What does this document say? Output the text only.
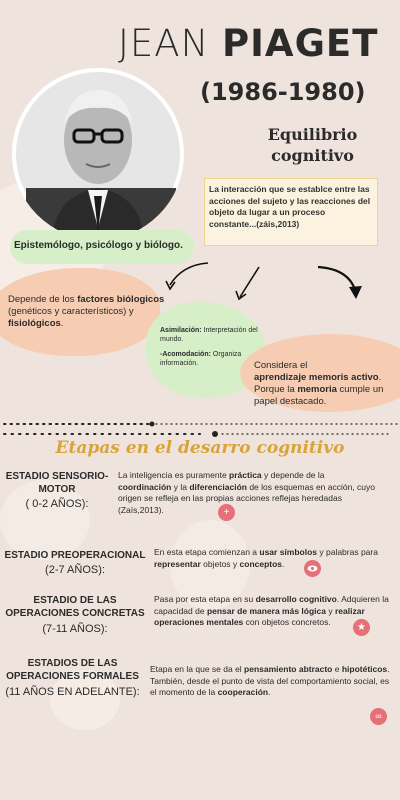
JEAN PIAGET
(1986-1980)
Equilibrio
cognitivo
La interacción que se establce entre las acciones del sujeto y las reacciones del objeto da lugar a un proceso constante...(záis,2013)
Epistemólogo, psicólogo y biólogo.
Depende de los factores biólogicos (genéticos y característicos) y fisiológicos.
Asimilación: Interpretación del mundo.
-Acomodación: Organiza información.	Considera el aprendizaje memoris activo. Porque la memoria cumple un papel destacado.
Etapas en el desarro cognitivo
ESTADIO SENSORIO-MOTOR
( 0-2 AÑOS):
La inteligencia es puramente práctica y depende de la coordinación y la diferenciación de los esquemas en acción, cuyo origen se refleja en las propias acciones reflejas heredadas (Zaís,2013).	+
ESTADIO PREOPERACIONAL
(2-7 AÑOS):
En esta etapa comienzan a usar símbolos y palabras para representar objetos y conceptos.
ESTADIO DE LAS
OPERACIONES CONCRETAS
(7-11 AÑOS):
Pasa por esta etapa en su desarrollo cognitivo. Adquieren la capacidad de pensar de manera más lógica y realizar operaciones mentales con objetos concretos.	★
ESTADIOS DE LAS
OPERACIONES FORMALES
(11 AÑOS EN ADELANTE):
Etapa en la que se da el pensamiento abtracto e hipotéticos. También, desde el punto de vista del comportamiento social, es el momento de la cooperación.
∞
